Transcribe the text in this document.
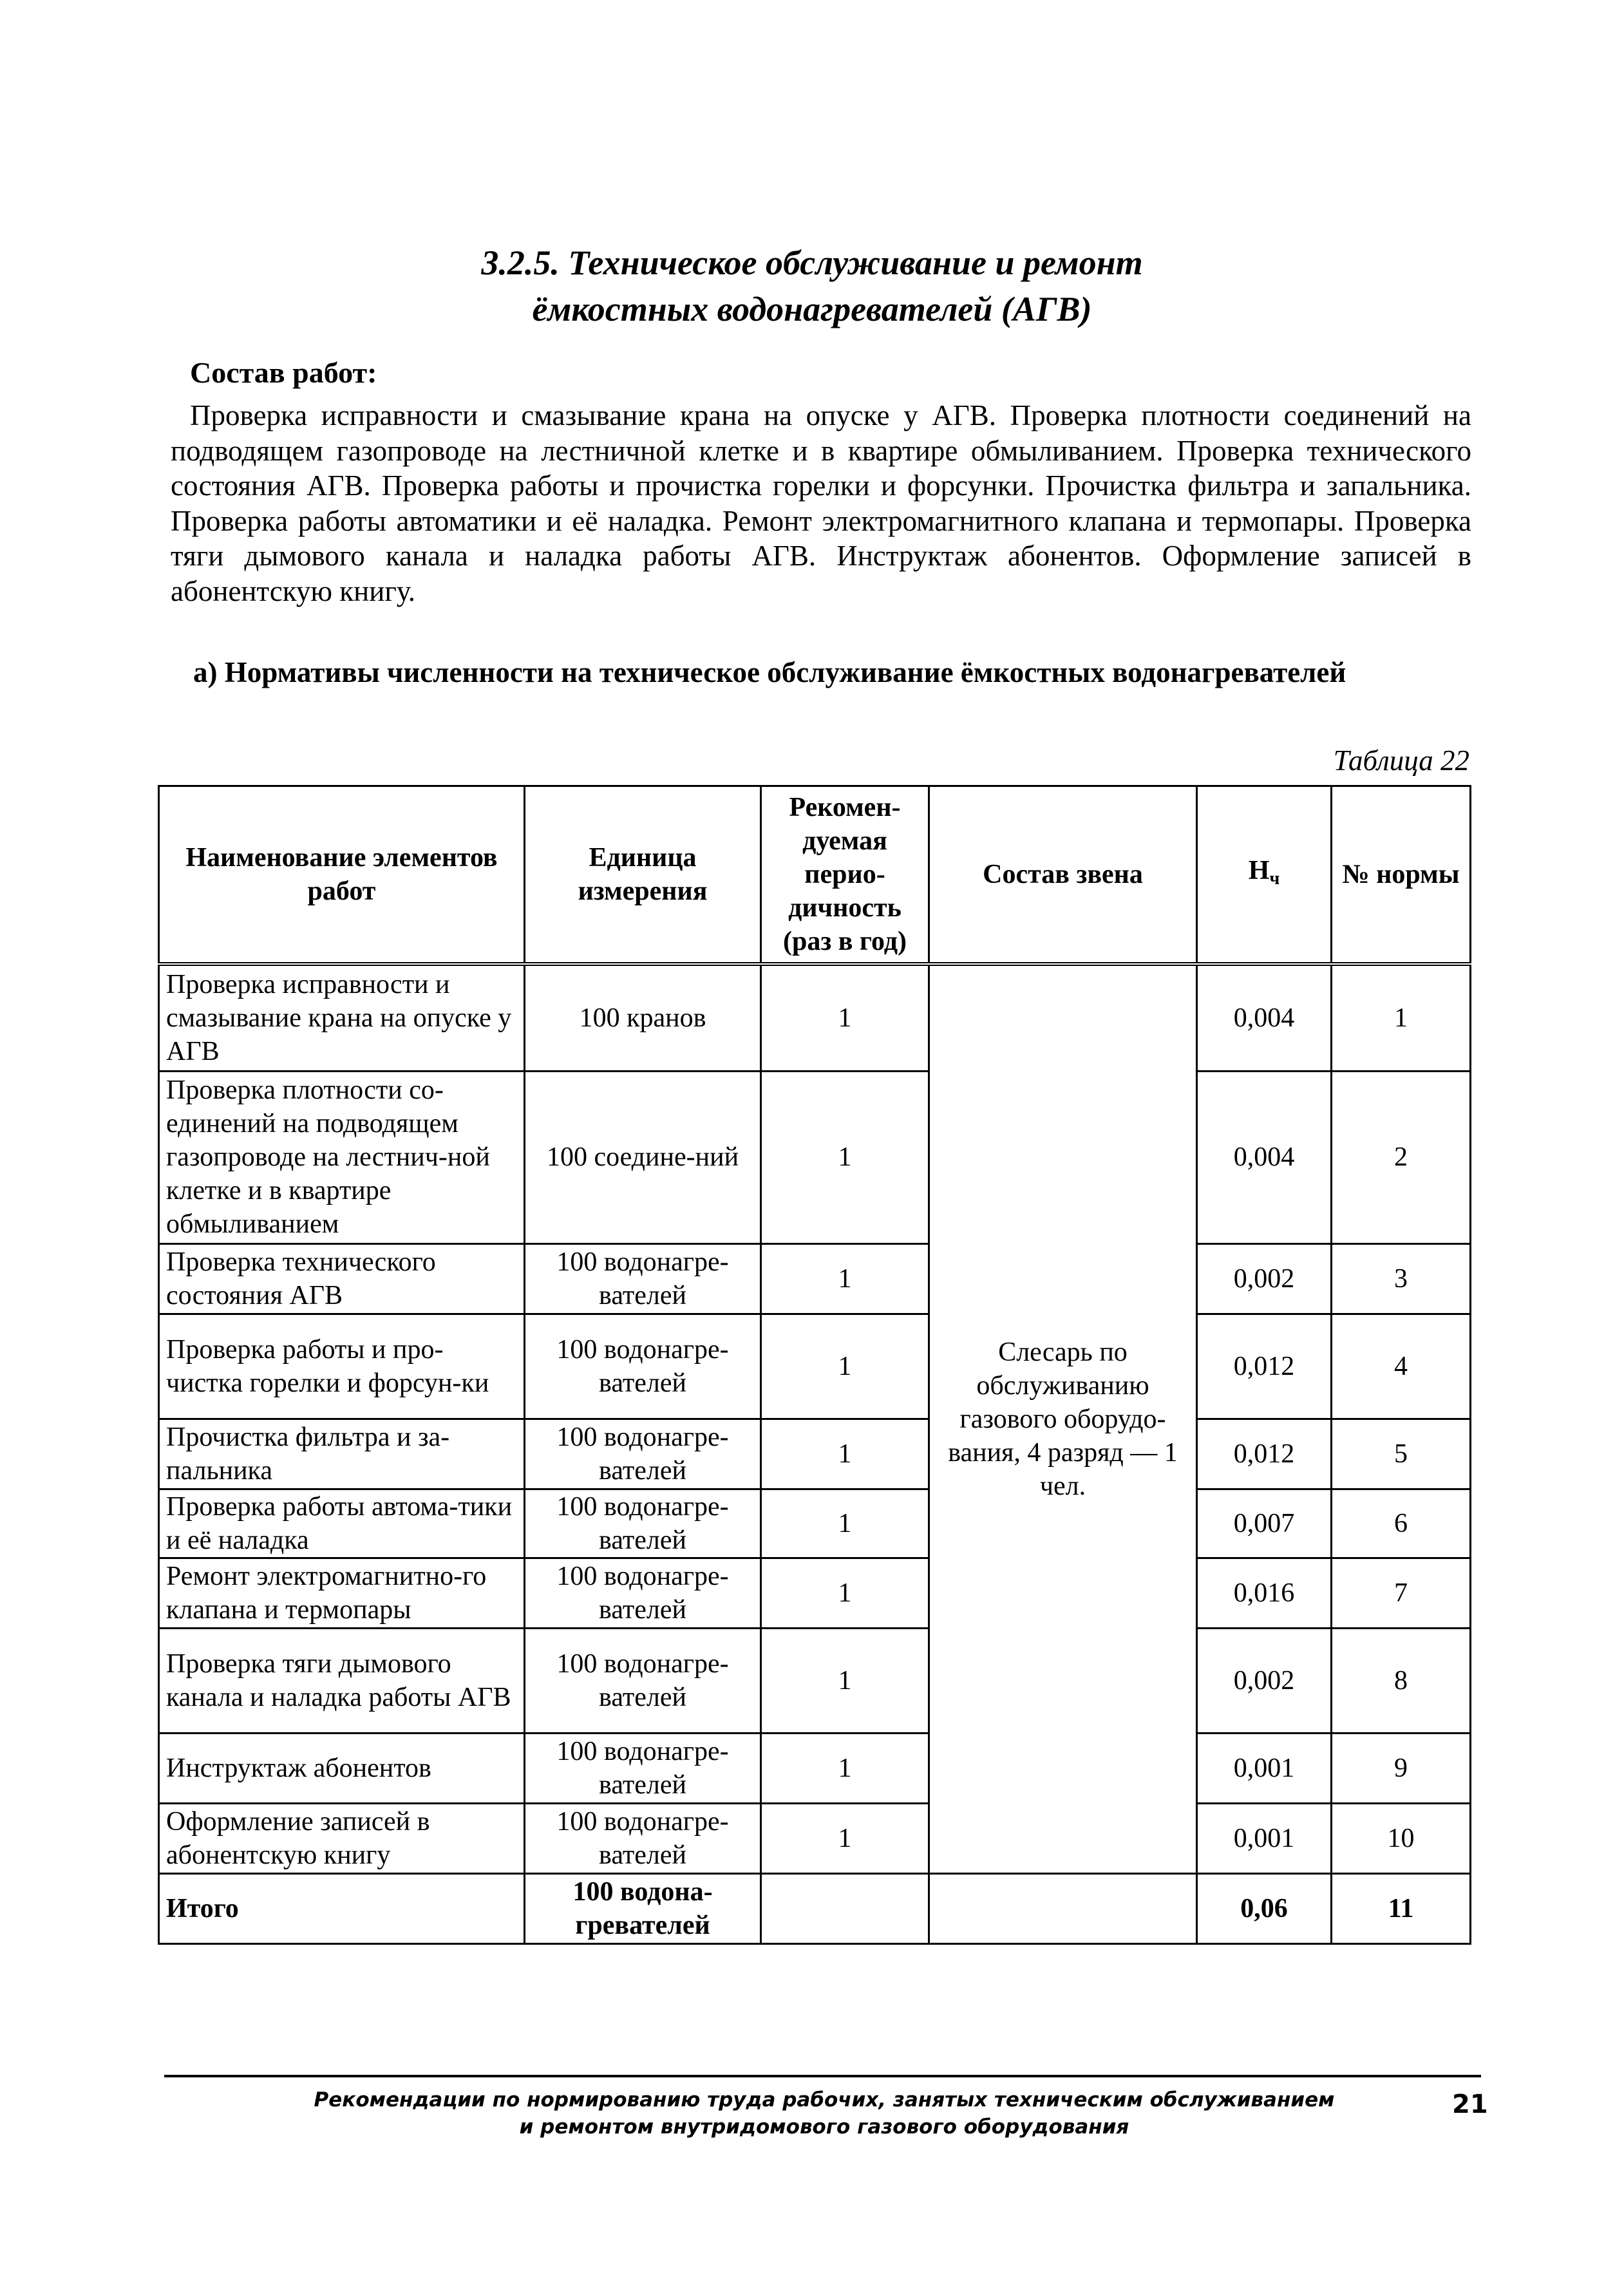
3.2.5. Техническое обслуживание и ремонт
ёмкостных водонагревателей (АГВ)
Состав работ:
Проверка исправности и смазывание крана на опуске у АГВ. Проверка плотности соединений на подводящем газопроводе на лестничной клетке и в квартире обмыливанием. Проверка технического состояния АГВ. Проверка работы и прочистка горелки и форсунки. Прочистка фильтра и запальника. Проверка работы автоматики и её наладка. Ремонт электромагнитного клапана и термопары. Проверка тяги дымового канала и наладка работы АГВ. Инструктаж абонентов. Оформление записей в абонентскую книгу.
а) Нормативы численности на техническое обслуживание ёмкостных водонагревателей
Таблица 22
Наименование элементов работ	Единица измерения	Рекомен-дуемая перио-дичность (раз в год)	Состав звена	$Н_ч$	№ нормы
Проверка исправности и смазывание крана на опуске у АГВ	100 кранов	1	Слесарь по обслуживанию газового оборудо-вания, 4 разряд — 1 чел.	0,004	1
Проверка плотности со-единений на подводящем газопроводе на лестнич-ной клетке и в квартире обмыливанием	100 соедине-ний	1		0,004	2
Проверка технического состояния АГВ	100 водонагре-вателей	1		0,002	3
Проверка работы и про-чистка горелки и форсун-ки	100 водонагре-вателей	1		0,012	4
Прочистка фильтра и за-пальника	100 водонагре-вателей	1		0,012	5
Проверка работы автома-тики и её наладка	100 водонагре-вателей	1		0,007	6
Ремонт электромагнитно-го клапана и термопары	100 водонагре-вателей	1		0,016	7
Проверка тяги дымового канала и наладка работы АГВ	100 водонагре-вателей	1		0,002	8
Инструктаж абонентов	100 водонагре-вателей	1		0,001	9
Оформление записей в абонентскую книгу	100 водонагре-вателей	1		0,001	10
Итого	100 водона-гревателей			0,06	11
Рекомендации по нормированию труда рабочих, занятых техническим обслуживанием
и ремонтом внутридомового газового оборудования
21
